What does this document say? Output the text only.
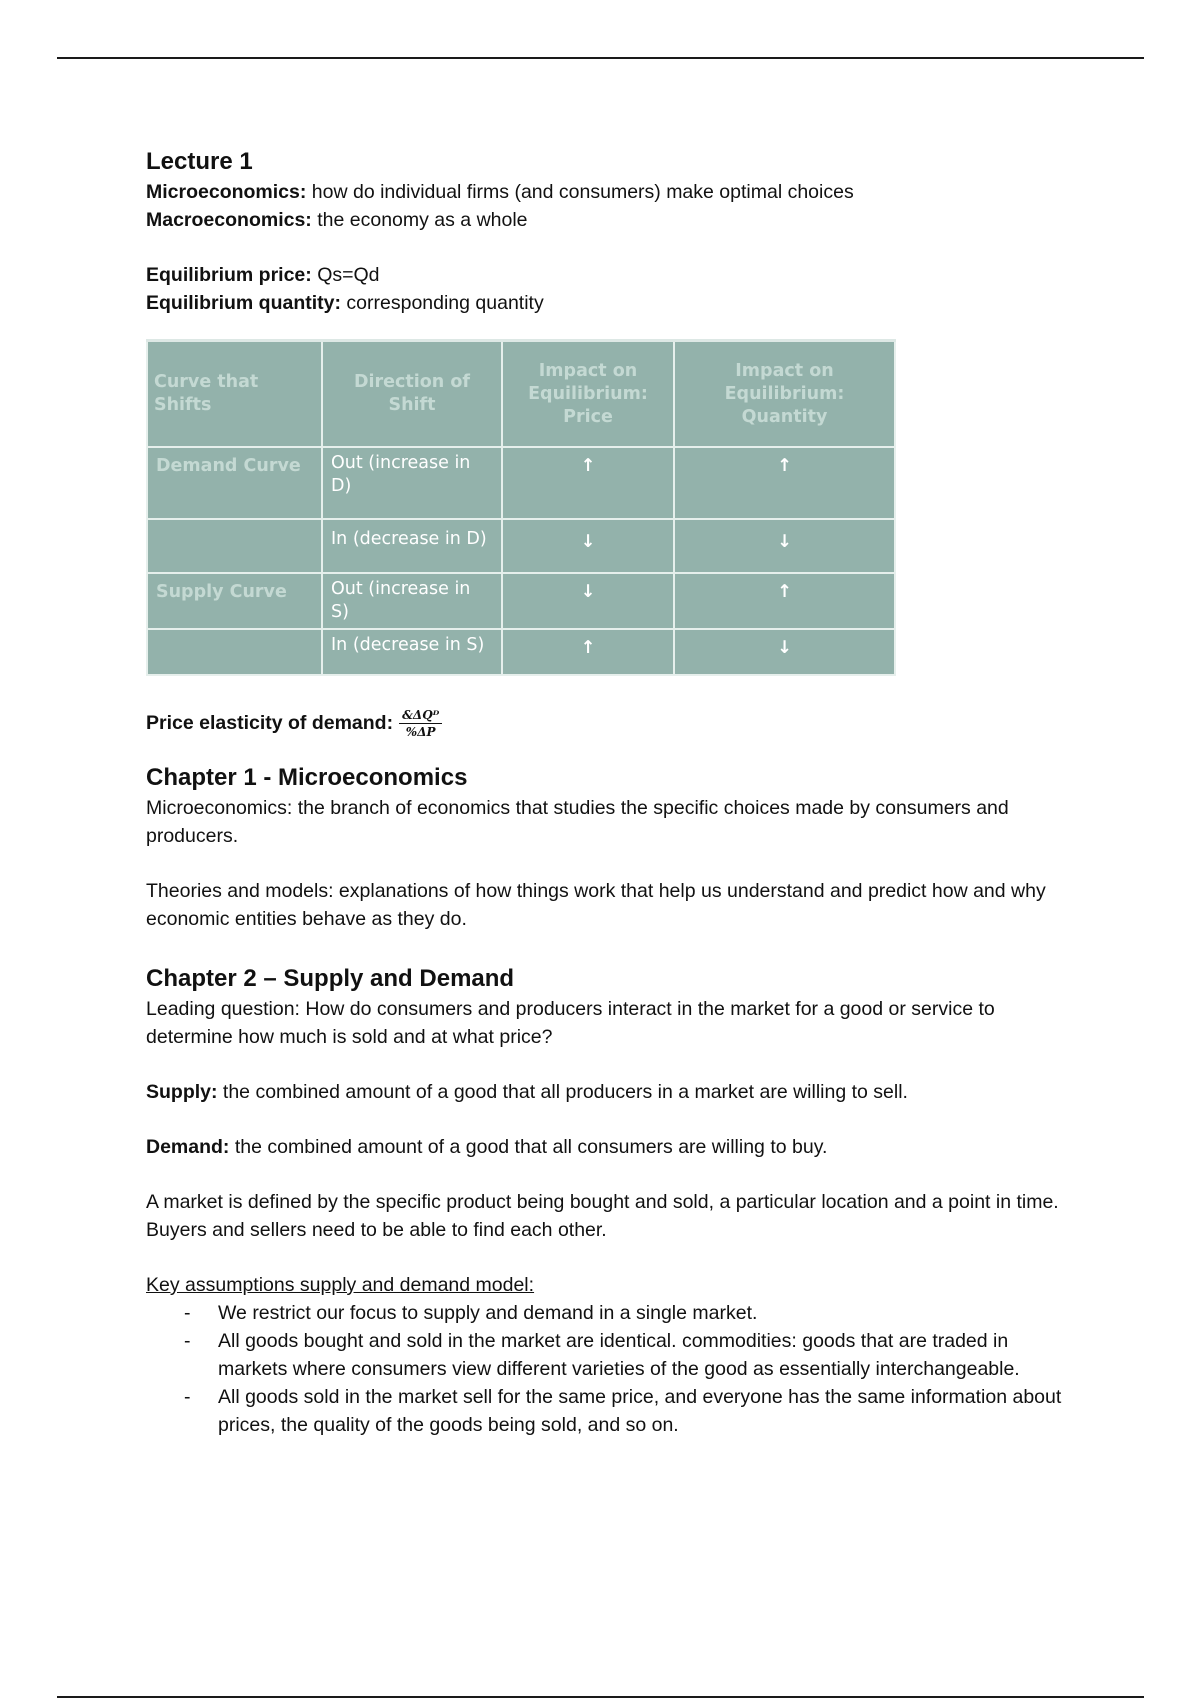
Lecture 1

Microeconomics: how do individual firms (and consumers) make optimal choices

Macroeconomics: the economy as a whole

Equilibrium price: Qs=Qd

Equilibrium quantity: corresponding quantity

Curve that Shifts	Direction of Shift	Impact on Equilibrium: Price	Impact on Equilibrium: Quantity
Demand Curve	Out (increase in D)	↑	↑
	In (decrease in D)	↓	↓
Supply Curve	Out (increase in S)	↓	↑
	In (decrease in S)	↑	↓
Price elasticity of demand: $\frac{\text{\&ΔQᴰ}}{\%\Delta P}$
Chapter 1 - Microeconomics

Microeconomics: the branch of economics that studies the specific choices made by consumers and producers.

Theories and models: explanations of how things work that help us understand and predict how and why economic entities behave as they do.

Chapter 2 – Supply and Demand

Leading question: How do consumers and producers interact in the market for a good or service to determine how much is sold and at what price?

Supply: the combined amount of a good that all producers in a market are willing to sell.

Demand: the combined amount of a good that all consumers are willing to buy.

A market is defined by the specific product being bought and sold, a particular location and a point in time. Buyers and sellers need to be able to find each other.

Key assumptions supply and demand model:

- We restrict our focus to supply and demand in a single market.
- All goods bought and sold in the market are identical. commodities: goods that are traded in markets where consumers view different varieties of the good as essentially interchangeable.
- All goods sold in the market sell for the same price, and everyone has the same information about prices, the quality of the goods being sold, and so on.
